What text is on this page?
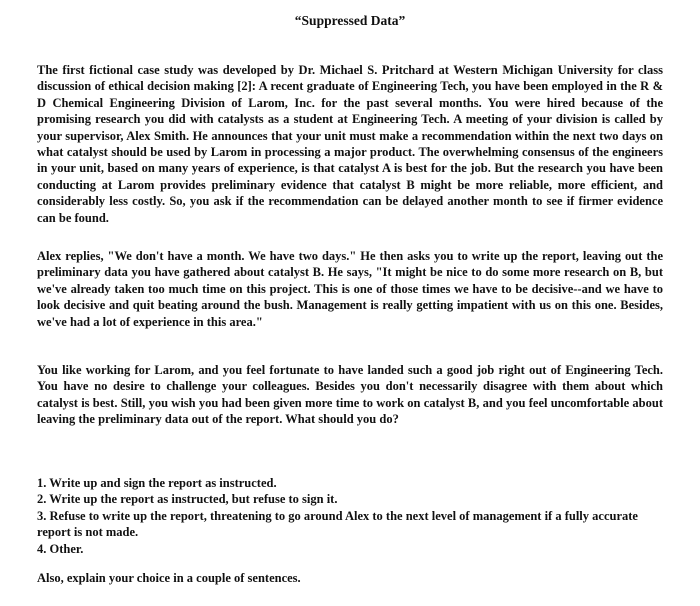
“Suppressed Data”

The first fictional case study was developed by Dr. Michael S. Pritchard at Western Michigan University for class discussion of ethical decision making [2]: A recent graduate of Engineering Tech, you have been employed in the R & D Chemical Engineering Division of Larom, Inc. for the past several months. You were hired because of the promising research you did with catalysts as a student at Engineering Tech. A meeting of your division is called by your supervisor, Alex Smith. He announces that your unit must make a recommendation within the next two days on what catalyst should be used by Larom in processing a major product. The overwhelming consensus of the engineers in your unit, based on many years of experience, is that catalyst A is best for the job. But the research you have been conducting at Larom provides preliminary evidence that catalyst B might be more reliable, more efficient, and considerably less costly. So, you ask if the recommendation can be delayed another month to see if firmer evidence can be found.

Alex replies, "We don't have a month. We have two days." He then asks you to write up the report, leaving out the preliminary data you have gathered about catalyst B. He says, "It might be nice to do some more research on B, but we've already taken too much time on this project. This is one of those times we have to be decisive--and we have to look decisive and quit beating around the bush. Management is really getting impatient with us on this one. Besides, we've had a lot of experience in this area."

You like working for Larom, and you feel fortunate to have landed such a good job right out of Engineering Tech. You have no desire to challenge your colleagues. Besides you don't necessarily disagree with them about which catalyst is best. Still, you wish you had been given more time to work on catalyst B, and you feel uncomfortable about leaving the preliminary data out of the report. What should you do?

1. Write up and sign the report as instructed.
2. Write up the report as instructed, but refuse to sign it.
3. Refuse to write up the report, threatening to go around Alex to the next level of management if a fully accurate report is not made.
4. Other.

Also, explain your choice in a couple of sentences.
